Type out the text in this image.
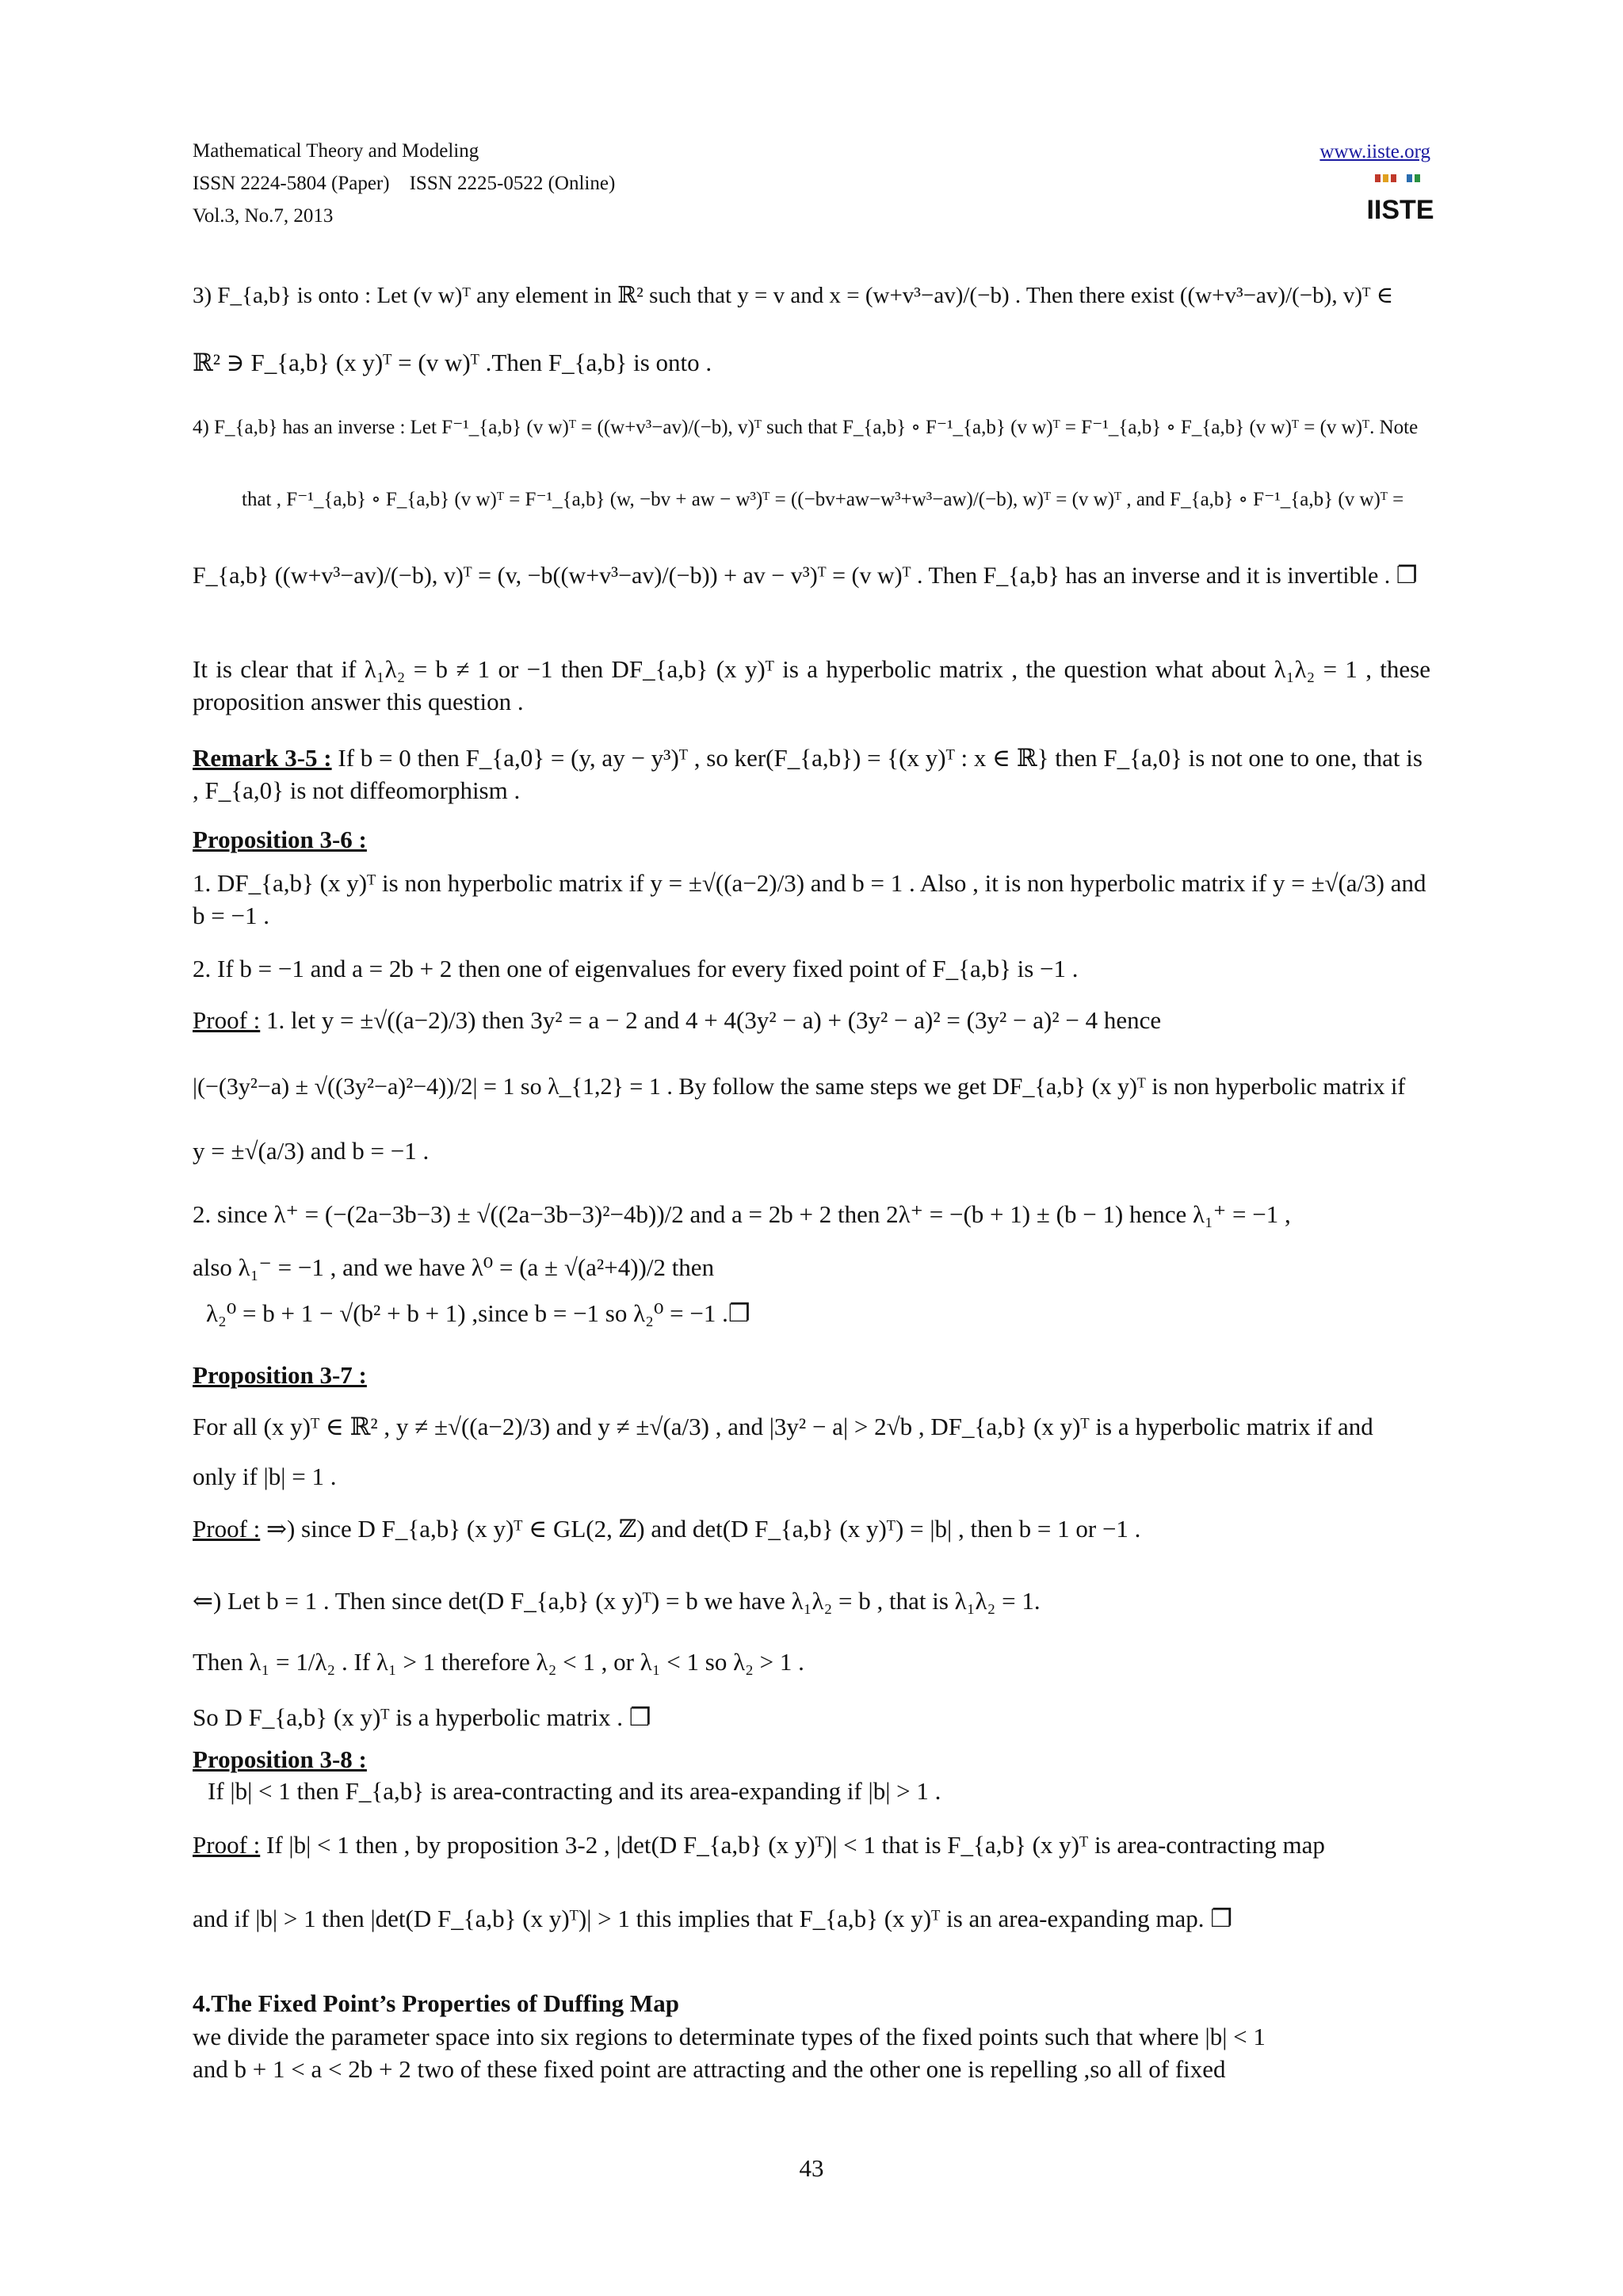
Mathematical Theory and Modeling
ISSN 2224-5804 (Paper)    ISSN 2225-0522 (Online)
Vol.3, No.7, 2013
www.iiste.org
IISTE
3) F_{a,b} is onto : Let (v w)ᵀ any element in ℝ² such that y = v and x = (w+v³−av)/(−b) . Then there exist ((w+v³−av)/(−b), v)ᵀ ∈
ℝ² ∋ F_{a,b} (x y)ᵀ = (v w)ᵀ .Then F_{a,b} is onto .
4) F_{a,b} has an inverse : Let F⁻¹_{a,b} (v w)ᵀ = ((w+v³−av)/(−b), v)ᵀ such that F_{a,b} ∘ F⁻¹_{a,b} (v w)ᵀ = F⁻¹_{a,b} ∘ F_{a,b} (v w)ᵀ = (v w)ᵀ. Note
that , F⁻¹_{a,b} ∘ F_{a,b} (v w)ᵀ = F⁻¹_{a,b} (w, −bv + aw − w³)ᵀ = ((−bv+aw−w³+w³−aw)/(−b), w)ᵀ = (v w)ᵀ , and F_{a,b} ∘ F⁻¹_{a,b} (v w)ᵀ =
F_{a,b} ((w+v³−av)/(−b), v)ᵀ = (v, −b((w+v³−av)/(−b)) + av − v³)ᵀ = (v w)ᵀ . Then F_{a,b} has an inverse and it is invertible . ❐
It is clear that if λ₁λ₂ = b ≠ 1 or −1 then DF_{a,b} (x y)ᵀ is a hyperbolic matrix , the question what about λ₁λ₂ = 1 , these proposition answer this question .
Remark 3-5 : If b = 0 then F_{a,0} = (y, ay − y³)ᵀ , so ker(F_{a,b}) = {(x y)ᵀ : x ∈ ℝ} then F_{a,0} is not one to one, that is , F_{a,0} is not diffeomorphism .
Proposition 3-6 :
1. DF_{a,b} (x y)ᵀ is non hyperbolic matrix if y = ±√((a−2)/3) and b = 1 . Also , it is non hyperbolic matrix if y = ±√(a/3) and b = −1 .
2. If b = −1 and a = 2b + 2 then one of eigenvalues for every fixed point of F_{a,b} is −1 .
Proof : 1. let y = ±√((a−2)/3) then 3y² = a − 2 and 4 + 4(3y² − a) + (3y² − a)² = (3y² − a)² − 4 hence
|(−(3y²−a) ± √((3y²−a)²−4))/2| = 1 so λ_{1,2} = 1 . By follow the same steps we get DF_{a,b} (x y)ᵀ is non hyperbolic matrix if
y = ±√(a/3) and b = −1 .
2. since λ⁺ = (−(2a−3b−3) ± √((2a−3b−3)²−4b))/2 and a = 2b + 2 then 2λ⁺ = −(b + 1) ± (b − 1) hence λ₁⁺ = −1 ,
also λ₁⁻ = −1 , and we have λ⁰ = (a ± √(a²+4))/2 then
λ₂⁰ = b + 1 − √(b² + b + 1) ,since b = −1 so λ₂⁰ = −1 .❐
Proposition 3-7 :
For all (x y)ᵀ ∈ ℝ² , y ≠ ±√((a−2)/3) and y ≠ ±√(a/3) , and |3y² − a| > 2√b , DF_{a,b} (x y)ᵀ is a hyperbolic matrix if and
only if |b| = 1 .
Proof : ⇒) since D F_{a,b} (x y)ᵀ ∈ GL(2, ℤ) and det(D F_{a,b} (x y)ᵀ) = |b| , then b = 1 or −1 .
⇐) Let b = 1 . Then since det(D F_{a,b} (x y)ᵀ) = b we have λ₁λ₂ = b , that is λ₁λ₂ = 1.
Then λ₁ = 1/λ₂ . If λ₁ > 1 therefore λ₂ < 1 , or λ₁ < 1 so λ₂ > 1 .
So D F_{a,b} (x y)ᵀ is a hyperbolic matrix . ❐
Proposition 3-8 :
If |b| < 1 then F_{a,b} is area-contracting and its area-expanding if |b| > 1 .
Proof : If |b| < 1 then , by proposition 3-2 , |det(D F_{a,b} (x y)ᵀ)| < 1 that is F_{a,b} (x y)ᵀ is area-contracting map
and if |b| > 1 then |det(D F_{a,b} (x y)ᵀ)| > 1 this implies that F_{a,b} (x y)ᵀ is an area-expanding map. ❐
4.The Fixed Point’s Properties of Duffing Map
we divide the parameter space into six regions to determinate types of the fixed points such that where |b| < 1
and b + 1 < a < 2b + 2 two of these fixed point are attracting and the other one is repelling ,so all of fixed
43
